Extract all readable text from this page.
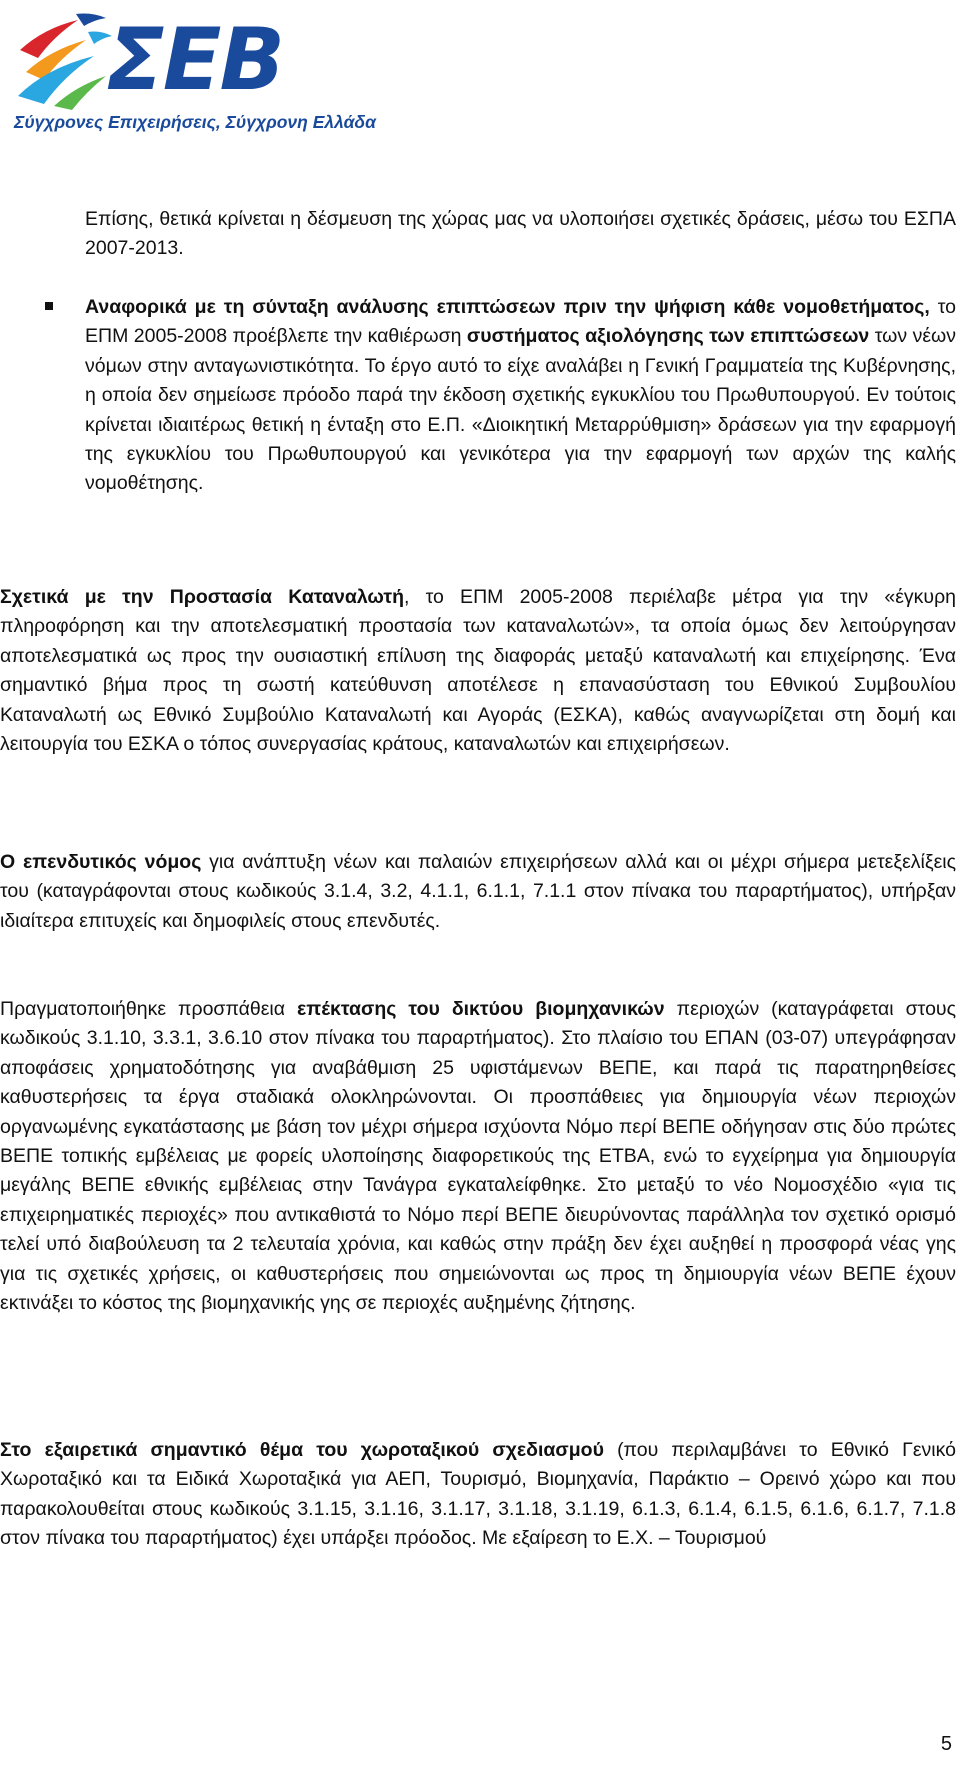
ΣΕΒ
Σύγχρονες Επιχειρήσεις, Σύγχρονη Ελλάδα

Επίσης, θετικά κρίνεται η δέσμευση της χώρας μας να υλοποιήσει σχετικές δράσεις, μέσω του ΕΣΠΑ 2007-2013.

Αναφορικά με τη σύνταξη ανάλυσης επιπτώσεων πριν την ψήφιση κάθε νομοθετήματος, το ΕΠΜ 2005-2008 προέβλεπε την καθιέρωση συστήματος αξιολόγησης των επιπτώσεων των νέων νόμων στην ανταγωνιστικότητα. Το έργο αυτό το είχε αναλάβει η Γενική Γραμματεία της Κυβέρνησης, η οποία δεν σημείωσε πρόοδο παρά την έκδοση σχετικής εγκυκλίου του Πρωθυπουργού. Εν τούτοις κρίνεται ιδιαιτέρως θετική η ένταξη στο Ε.Π. «Διοικητική Μεταρρύθμιση» δράσεων για την εφαρμογή της εγκυκλίου του Πρωθυπουργού και γενικότερα για την εφαρμογή των αρχών της καλής νομοθέτησης.

Σχετικά με την Προστασία Καταναλωτή, το ΕΠΜ 2005-2008 περιέλαβε μέτρα για την «έγκυρη πληροφόρηση και την αποτελεσματική προστασία των καταναλωτών», τα οποία όμως δεν λειτούργησαν αποτελεσματικά ως προς την ουσιαστική επίλυση της διαφοράς μεταξύ καταναλωτή και επιχείρησης. Ένα σημαντικό βήμα προς τη σωστή κατεύθυνση αποτέλεσε η επανασύσταση του Εθνικού Συμβουλίου Καταναλωτή ως Εθνικό Συμβούλιο Καταναλωτή και Αγοράς (ΕΣΚΑ), καθώς αναγνωρίζεται στη δομή και λειτουργία του ΕΣΚΑ ο τόπος συνεργασίας κράτους, καταναλωτών και επιχειρήσεων.

Ο επενδυτικός νόμος για ανάπτυξη νέων και παλαιών επιχειρήσεων αλλά και οι μέχρι σήμερα μετεξελίξεις του (καταγράφονται στους κωδικούς 3.1.4, 3.2, 4.1.1, 6.1.1, 7.1.1 στον πίνακα του παραρτήματος), υπήρξαν ιδιαίτερα επιτυχείς και δημοφιλείς στους επενδυτές.

Πραγματοποιήθηκε προσπάθεια επέκτασης του δικτύου βιομηχανικών περιοχών (καταγράφεται στους κωδικούς 3.1.10, 3.3.1, 3.6.10 στον πίνακα του παραρτήματος). Στο πλαίσιο του ΕΠΑΝ (03-07) υπεγράφησαν αποφάσεις χρηματοδότησης για αναβάθμιση 25 υφιστάμενων ΒΕΠΕ, και παρά τις παρατηρηθείσες καθυστερήσεις τα έργα σταδιακά ολοκληρώνονται. Οι προσπάθειες για δημιουργία νέων περιοχών οργανωμένης εγκατάστασης με βάση τον μέχρι σήμερα ισχύοντα Νόμο περί ΒΕΠΕ οδήγησαν στις δύο πρώτες ΒΕΠΕ τοπικής εμβέλειας με φορείς υλοποίησης διαφορετικούς της ΕΤΒΑ, ενώ το εγχείρημα για δημιουργία μεγάλης ΒΕΠΕ εθνικής εμβέλειας στην Τανάγρα εγκαταλείφθηκε. Στο μεταξύ το νέο Νομοσχέδιο «για τις επιχειρηματικές περιοχές» που αντικαθιστά το Νόμο περί ΒΕΠΕ διευρύνοντας παράλληλα τον σχετικό ορισμό τελεί υπό διαβούλευση τα 2 τελευταία χρόνια, και καθώς στην πράξη δεν έχει αυξηθεί η προσφορά νέας γης για τις σχετικές χρήσεις, οι καθυστερήσεις που σημειώνονται ως προς τη δημιουργία νέων ΒΕΠΕ έχουν εκτινάξει το κόστος της βιομηχανικής γης σε περιοχές αυξημένης ζήτησης.

Στο εξαιρετικά σημαντικό θέμα του χωροταξικού σχεδιασμού (που περιλαμβάνει το Εθνικό Γενικό Χωροταξικό και τα Ειδικά Χωροταξικά για ΑΕΠ, Τουρισμό, Βιομηχανία, Παράκτιο – Ορεινό χώρο και που παρακολουθείται στους κωδικούς 3.1.15, 3.1.16, 3.1.17, 3.1.18, 3.1.19, 6.1.3, 6.1.4, 6.1.5, 6.1.6, 6.1.7, 7.1.8 στον πίνακα του παραρτήματος) έχει υπάρξει πρόοδος. Με εξαίρεση το Ε.Χ. – Τουρισμού

5
